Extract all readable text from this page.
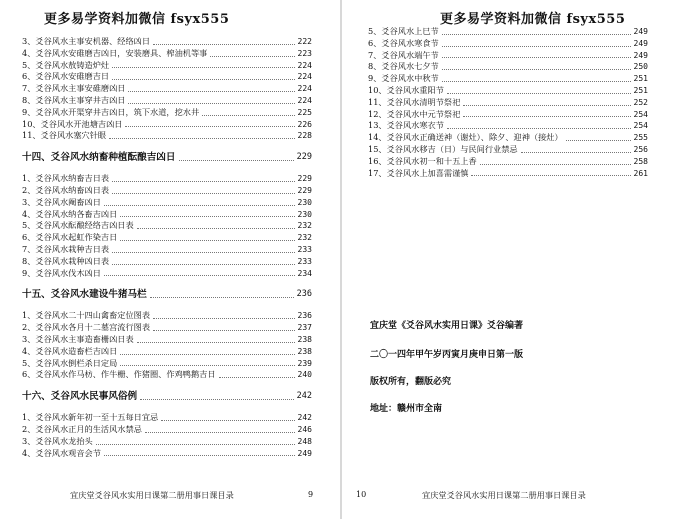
更多易学资料加微信 fsyx555
3、爻谷风水主事安机器、经络凶日	222
4、爻谷风水安碓磨吉凶日，安装磨具、榨油机等事	223
5、爻谷风水敖铸造炉灶	224
6、爻谷风水安碓磨吉日	224
7、爻谷风水主事安碓磨凶日	224
8、爻谷风水主事穿井吉凶日	224
9、爻谷风水开渠穿井吉凶日，筑下水道，挖水井	225
10、爻谷风水开池塘吉凶日	226
11、爻谷风水塞穴针眼	228
十四、爻谷风水纳畜种植酝酿吉凶日	229
1、爻谷风水纳畜吉日表	229
2、爻谷风水纳畜凶日表	229
3、爻谷风水阉畜凶日	230
4、爻谷风水纳各畜吉凶日	230
5、爻谷风水酝酿经络吉凶日表	232
6、爻谷风水起虹作染吉日	232
7、爻谷风水栽种吉日表	233
8、爻谷风水栽种凶日表	233
9、爻谷风水伐木凶日	234
十五、爻谷风水建设牛猪马栏	236
1、爻谷风水二十四山禽畜定位图表	236
2、爻谷风水各月十二墓宫流行图表	237
3、爻谷风水主事造畜栅凶日表	238
4、爻谷风水造畜栏吉凶日	238
5、爻谷风水倒栏杀日定局	239
6、爻谷风水作马枋、作牛栅、作猪圈、作鸡鸭鹅吉日	240
十六、爻谷风水民事风俗例	242
1、爻谷风水新年初一至十五每日宜忌	242
2、爻谷风水正月的生活风水禁忌	246
3、爻谷风水龙抬头	248
4、爻谷风水观音会节	249
宜庆堂爻谷风水实用日课第二册用事日课目录	9
更多易学资料加微信 fsyx555
5、爻谷风水上巳节	249
6、爻谷风水寒食节	249
7、爻谷风水端午节	249
8、爻谷风水七夕节	250
9、爻谷风水中秋节	251
10、爻谷风水重阳节	251
11、爻谷风水清明节祭祀	252
12、爻谷风水中元节祭祀	254
13、爻谷风水寒衣节	254
14、爻谷风水正确送神（谢灶）、除夕、迎神（接灶）	255
15、爻谷风水移吉（日）与民间行业禁忌	256
16、爻谷风水初一和十五上香	258
17、爻谷风水上加喜需谨慎	261
宜庆堂《爻谷风水实用日课》爻谷编著
二〇一四年甲午岁丙寅月庚申日第一版
版权所有，翻版必究
地址：赣州市全南
10	宜庆堂爻谷风水实用日课第二册用事日课目录
